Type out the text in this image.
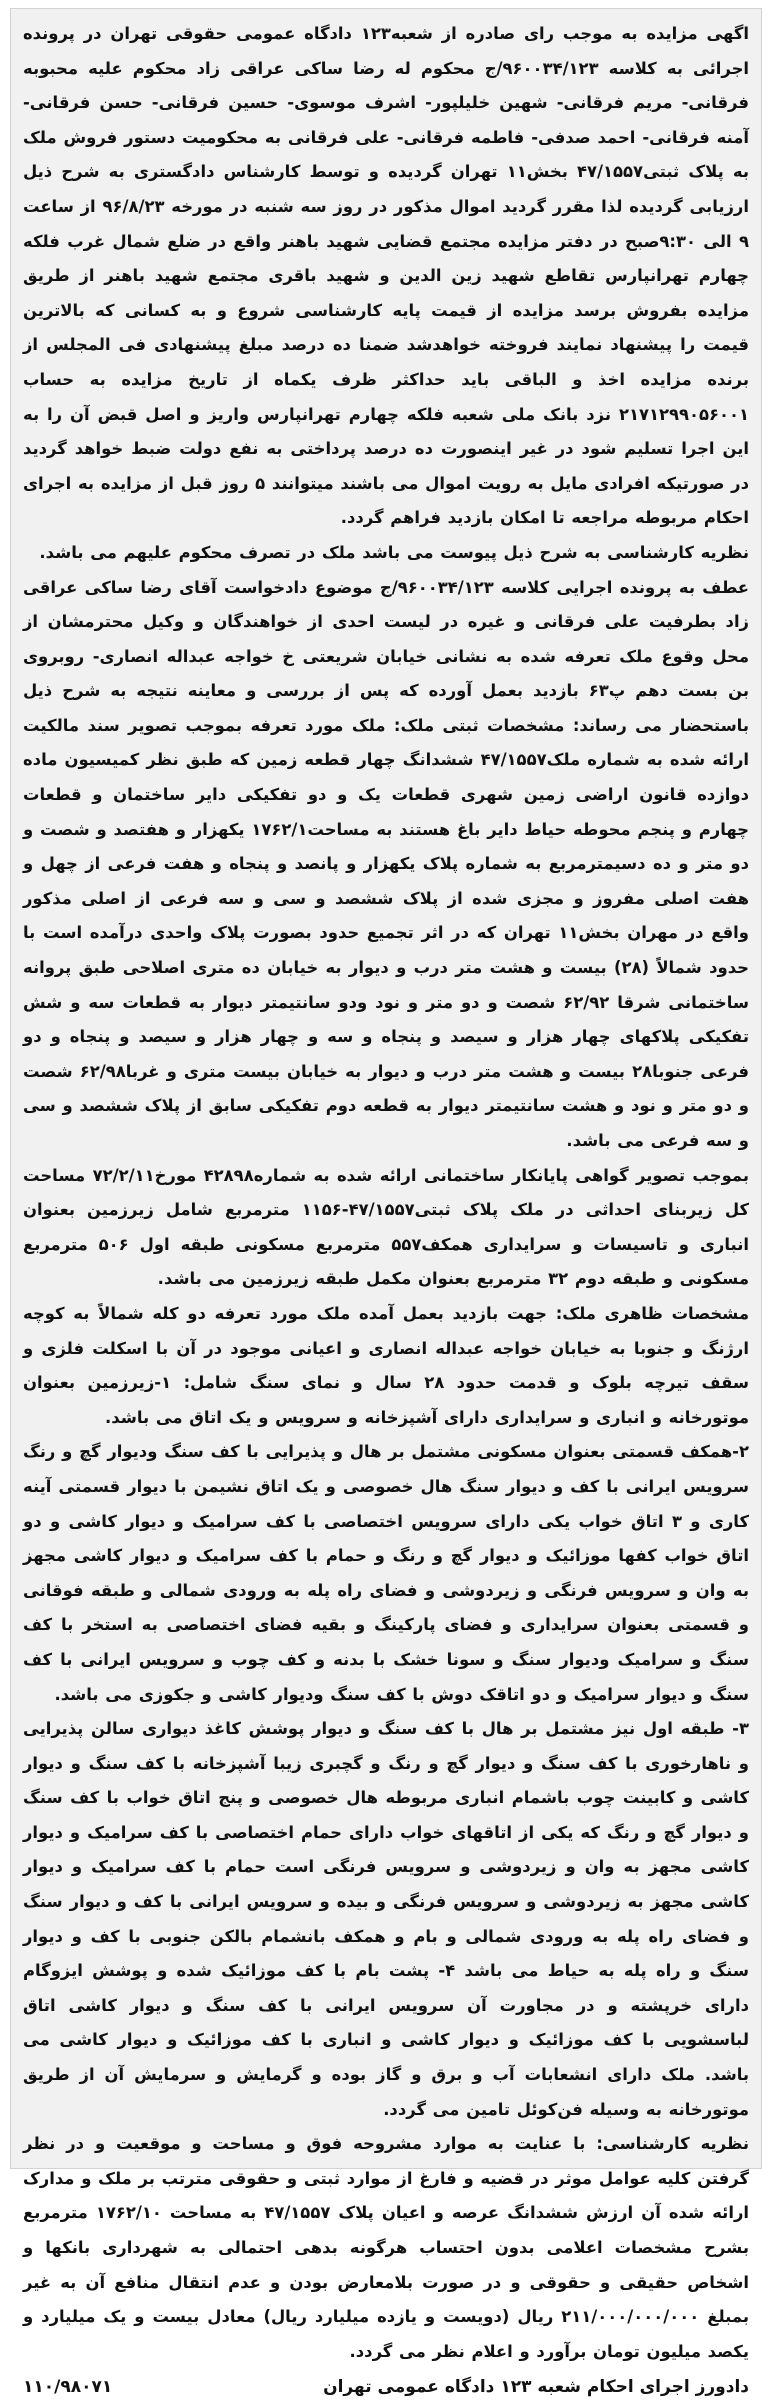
اگهی مزایده به موجب رای صادره از شعبه۱۲۳ دادگاه عمومی حقوقی تهران در پرونده اجرائی به کلاسه ۹۶۰۰۳۴/۱۲۳/ج محکوم له رضا ساکی عراقی زاد محکوم علیه محبوبه فرقانی- مریم فرقانی- شهین خلیلپور- اشرف موسوی- حسین فرقانی- حسن فرقانی- آمنه فرقانی- احمد صدفی- فاطمه فرقانی- علی فرقانی به محکومیت دستور فروش ملک به پلاک ثبتی۴۷/۱۵۵۷ بخش۱۱ تهران گردیده و توسط کارشناس دادگستری به شرح ذیل ارزیابی گردیده لذا مقرر گردید اموال مذکور در روز سه شنبه در مورخه ۹۶/۸/۲۳ از ساعت ۹ الی ۹:۳۰صبح در دفتر مزایده مجتمع قضایی شهید باهنر واقع در ضلع شمال غرب فلکه چهارم تهرانپارس تقاطع شهید زین الدین و شهید باقری مجتمع شهید باهنر از طریق مزایده بفروش برسد مزایده از قیمت پایه کارشناسی شروع و به کسانی که بالاترین قیمت را پیشنهاد نمایند فروخته خواهدشد ضمنا ده درصد مبلغ پیشنهادی فی المجلس از برنده مزایده اخذ و الباقی باید حداکثر ظرف یکماه از تاریخ مزایده به حساب ۲۱۷۱۲۹۹۰۵۶۰۰۱ نزد بانک ملی شعبه فلکه چهارم تهرانپارس واریز و اصل قبض آن را به این اجرا تسلیم شود در غیر اینصورت ده درصد پرداختی به نفع دولت ضبط خواهد گردید در صورتیکه افرادی مایل به رویت اموال می باشند میتوانند ۵ روز قبل از مزایده به اجرای احکام مربوطه مراجعه تا امکان بازدید فراهم گردد.

نظریه کارشناسی به شرح ذیل پیوست می باشد ملک در تصرف محکوم علیهم می باشد.

عطف به پرونده اجرایی کلاسه ۹۶۰۰۳۴/۱۲۳/ج موضوع دادخواست آقای رضا ساکی عراقی زاد بطرفیت علی فرقانی و غیره در لیست احدی از خواهندگان و وکیل محترمشان از محل وقوع ملک تعرفه شده به نشانی خیابان شریعتی خ خواجه عبداله انصاری- روبروی بن بست دهم پ۶۳ بازدید بعمل آورده که پس از بررسی و معاینه نتیجه به شرح ذیل باستحضار می رساند: مشخصات ثبتی ملک: ملک مورد تعرفه بموجب تصویر سند مالکیت ارائه شده به شماره ملک۴۷/۱۵۵۷ ششدانگ چهار قطعه زمین که طبق نظر کمیسیون ماده دوازده قانون اراضی زمین شهری قطعات یک و دو تفکیکی دایر ساختمان و قطعات چهارم و پنجم محوطه حیاط دایر باغ هستند به مساحت۱۷۶۲/۱ یکهزار و هفتصد و شصت و دو متر و ده دسیمترمربع به شماره پلاک یکهزار و پانصد و پنجاه و هفت فرعی از چهل و هفت اصلی مفروز و مجزی شده از پلاک ششصد و سی و سه فرعی از اصلی مذکور واقع در مهران بخش۱۱ تهران که در اثر تجمیع حدود بصورت پلاک واحدی درآمده است با حدود شمالاً (۲۸) بیست و هشت متر درب و دیوار به خیابان ده متری اصلاحی طبق پروانه ساختمانی شرقا ۶۲/۹۲ شصت و دو متر و نود ودو سانتیمتر دیوار به قطعات سه و شش تفکیکی پلاکهای چهار هزار و سیصد و پنجاه و سه و چهار هزار و سیصد و پنجاه و دو فرعی جنوبا۲۸ بیست و هشت متر درب و دیوار به خیابان بیست متری و غربا۶۲/۹۸ شصت و دو متر و نود و هشت سانتیمتر دیوار به قطعه دوم تفکیکی سابق از پلاک ششصد و سی و سه فرعی می باشد.

بموجب تصویر گواهی پایانکار ساختمانی ارائه شده به شماره۴۲۸۹۸ مورخ۷۲/۲/۱۱ مساحت کل زیربنای احداثی در ملک پلاک ثبتی۴۷/۱۵۵۷-۱۱۵۶ مترمربع شامل زیرزمین بعنوان انباری و تاسیسات و سرایداری همکف۵۵۷ مترمربع مسکونی طبقه اول ۵۰۶ مترمربع مسکونی و طبقه دوم ۳۲ مترمربع بعنوان مکمل طبقه زیرزمین می باشد.

مشخصات ظاهری ملک: جهت بازدید بعمل آمده ملک مورد تعرفه دو کله شمالاً به کوچه ارژنگ و جنوبا به خیابان خواجه عبداله انصاری و اعیانی موجود در آن با اسکلت فلزی و سقف تیرچه بلوک و قدمت حدود ۲۸ سال و نمای سنگ شامل: ۱-زیرزمین بعنوان موتورخانه و انباری و سرایداری دارای آشپزخانه و سرویس و یک اتاق می باشد.

۲-همکف قسمتی بعنوان مسکونی مشتمل بر هال و پذیرایی با کف سنگ ودیوار گچ و رنگ سرویس ایرانی با کف و دیوار سنگ هال خصوصی و یک اتاق نشیمن با دیوار قسمتی آینه کاری و ۳ اتاق خواب یکی دارای سرویس اختصاصی با کف سرامیک و دیوار کاشی و دو اتاق خواب کفها موزائیک و دیوار گچ و رنگ و حمام با کف سرامیک و دیوار کاشی مجهز به وان و سرویس فرنگی و زیردوشی و فضای راه پله به ورودی شمالی و طبقه فوقانی و قسمتی بعنوان سرایداری و فضای پارکینگ و بقیه فضای اختصاصی به استخر با کف سنگ و سرامیک ودیوار سنگ و سونا خشک با بدنه و کف چوب و سرویس ایرانی با کف سنگ و دیوار سرامیک و دو اتاقک دوش با کف سنگ ودیوار کاشی و جکوزی می باشد.

۳- طبقه اول نیز مشتمل بر هال با کف سنگ و دیوار پوشش کاغذ دیواری سالن پذیرایی و ناهارخوری با کف سنگ و دیوار گچ و رنگ و گچبری زیبا آشپزخانه با کف سنگ و دیوار کاشی و کابینت چوب باشمام انباری مربوطه هال خصوصی و پنج اتاق خواب با کف سنگ و دیوار گچ و رنگ که یکی از اتاقهای خواب دارای حمام اختصاصی با کف سرامیک و دیوار کاشی مجهز به وان و زیردوشی و سرویس فرنگی است حمام با کف سرامیک و دیوار کاشی مجهز به زیردوشی و سرویس فرنگی و بیده و سرویس ایرانی با کف و دیوار سنگ و فضای راه پله به ورودی شمالی و بام و همکف بانشمام بالکن جنوبی با کف و دیوار سنگ و راه پله به حیاط می باشد ۴- پشت بام با کف موزائیک شده و پوشش ایزوگام دارای خرپشته و در مجاورت آن سرویس ایرانی با کف سنگ و دیوار کاشی اتاق لباسشویی با کف موزائیک و دیوار کاشی و انباری با کف موزائیک و دیوار کاشی می باشد. ملک دارای انشعابات آب و برق و گاز بوده و گرمایش و سرمایش آن از طریق موتورخانه به وسیله فن‌کوئل تامین می گردد.

نظریه کارشناسی: با عنایت به موارد مشروحه فوق و مساحت و موقعیت و در نظر گرفتن کلیه عوامل موثر در قضیه و فارغ از موارد ثبتی و حقوقی مترتب بر ملک و مدارک ارائه شده آن ارزش ششدانگ عرصه و اعیان پلاک ۴۷/۱۵۵۷ به مساحت ۱۷۶۲/۱۰ مترمربع بشرح مشخصات اعلامی بدون احتساب هرگونه بدهی احتمالی به شهرداری بانکها و اشخاص حقیقی و حقوقی و در صورت بلامعارض بودن و عدم انتقال منافع آن به غیر بمبلغ ۲۱۱/۰۰۰/۰۰۰/۰۰۰ ریال (دویست و یازده میلیارد ریال) معادل بیست و یک میلیارد و یکصد میلیون تومان برآورد و اعلام نظر می گردد.

دادورز اجرای احکام شعبه ۱۲۳ دادگاه عمومی تهران
۱۱۰/۹۸۰۷۱
